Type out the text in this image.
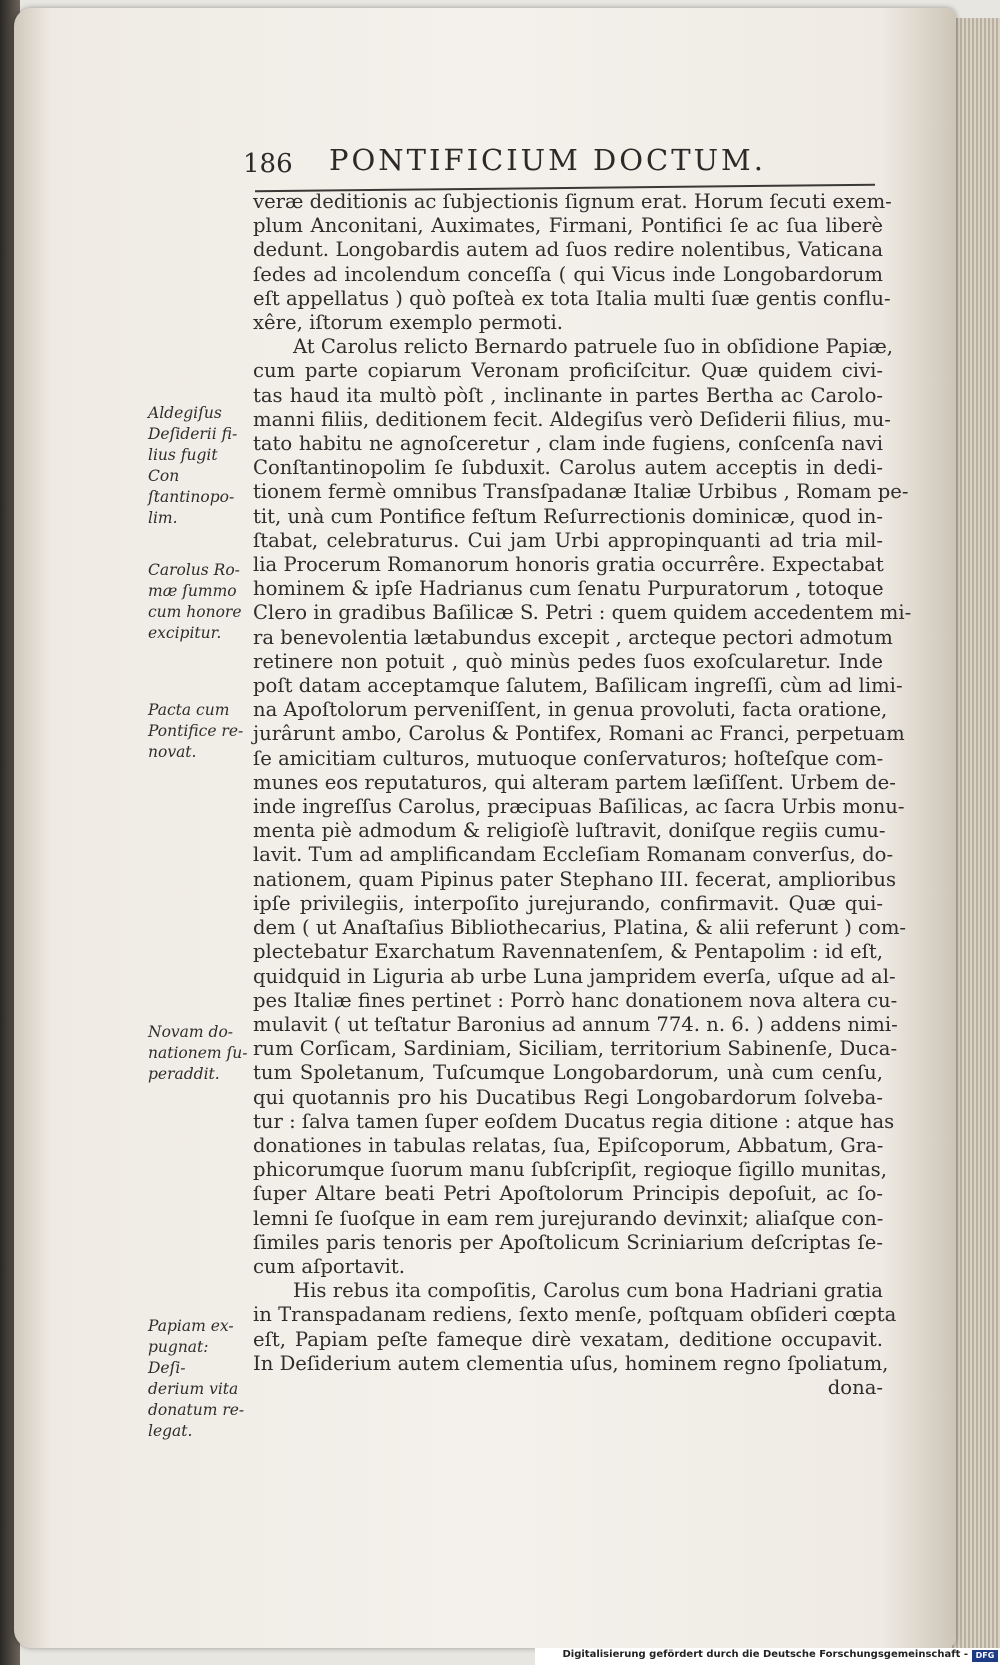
186 PONTIFICIUM DOCTUM.
veræ deditionis ac ſubjectionis ſignum erat. Horum ſecuti exem-
plum Anconitani, Auximates, Firmani, Pontifici ſe ac ſua liberè
dedunt. Longobardis autem ad ſuos redire nolentibus, Vaticana
ſedes ad incolendum conceſſa ( qui Vicus inde Longobardorum
eſt appellatus ) quò poſteà ex tota Italia multi ſuæ gentis conflu-
xêre, iſtorum exemplo permoti.
At Carolus relicto Bernardo patruele ſuo in obſidione Papiæ,
cum parte copiarum Veronam proficiſcitur. Quæ quidem civi-
tas haud ita multò pòſt , inclinante in partes Bertha ac Carolo-
manni filiis, deditionem fecit. Aldegiſus verò Deſiderii filius, mu-
tato habitu ne agnoſceretur , clam inde fugiens, conſcenſa navi
Conſtantinopolim ſe ſubduxit. Carolus autem acceptis in dedi-
tionem fermè omnibus Transſpadanæ Italiæ Urbibus , Romam pe-
tit, unà cum Pontifice feſtum Reſurrectionis dominicæ, quod in-
ſtabat, celebraturus. Cui jam Urbi appropinquanti ad tria mil-
lia Procerum Romanorum honoris gratia occurrêre. Expectabat
hominem & ipſe Hadrianus cum ſenatu Purpuratorum , totoque
Clero in gradibus Baſilicæ S. Petri : quem quidem accedentem mi-
ra benevolentia lætabundus excepit , arcteque pectori admotum
retinere non potuit , quò minùs pedes ſuos exoſcularetur. Inde
poſt datam acceptamque ſalutem, Baſilicam ingreſſi, cùm ad limi-
na Apoſtolorum perveniſſent, in genua provoluti, facta oratione,
jurârunt ambo, Carolus & Pontifex, Romani ac Franci, perpetuam
ſe amicitiam culturos, mutuoque conſervaturos; hoſteſque com-
munes eos reputaturos, qui alteram partem læſiſſent. Urbem de-
inde ingreſſus Carolus, præcipuas Baſilicas, ac ſacra Urbis monu-
menta piè admodum & religioſè luſtravit, doniſque regiis cumu-
lavit. Tum ad amplificandam Eccleſiam Romanam converſus, do-
nationem, quam Pipinus pater Stephano III. fecerat, amplioribus
ipſe privilegiis, interpoſito jurejurando, confirmavit. Quæ qui-
dem ( ut Anaſtaſius Bibliothecarius, Platina, & alii referunt ) com-
plectebatur Exarchatum Ravennatenſem, & Pentapolim : id eſt,
quidquid in Liguria ab urbe Luna jampridem everſa, uſque ad al-
pes Italiæ fines pertinet : Porrò hanc donationem nova altera cu-
mulavit ( ut teſtatur Baronius ad annum 774. n. 6. ) addens nimi-
rum Corſicam, Sardiniam, Siciliam, territorium Sabinenſe, Duca-
tum Spoletanum, Tuſcumque Longobardorum, unà cum cenſu,
qui quotannis pro his Ducatibus Regi Longobardorum ſolveba-
tur : ſalva tamen ſuper eoſdem Ducatus regia ditione : atque has
donationes in tabulas relatas, ſua, Epiſcoporum, Abbatum, Gra-
phicorumque ſuorum manu ſubſcripſit, regioque ſigillo munitas,
ſuper Altare beati Petri Apoſtolorum Principis depoſuit, ac ſo-
lemni ſe ſuoſque in eam rem jurejurando devinxit; aliaſque con-
ſimiles paris tenoris per Apoſtolicum Scriniarium deſcriptas ſe-
cum aſportavit.
His rebus ita compoſitis, Carolus cum bona Hadriani gratia
in Transpadanam rediens, ſexto menſe, poſtquam obſideri cœpta
eſt, Papiam peſte fameque dirè vexatam, deditione occupavit.
In Deſiderium autem clementia uſus, hominem regno ſpoliatum,
dona-
Aldegiſus
Deſiderii fi-
lius fugit Con
ſtantinopo-
lim.
Carolus Ro-
mæ ſummo
cum honore
excipitur.
Pacta cum
Pontifice re-
novat.
Novam do-
nationem ſu-
peraddit.
Papiam ex-
pugnat: Deſi-
derium vita
donatum re-
legat.
Digitalisierung gefördert durch die Deutsche Forschungsgemeinschaft - DFG
